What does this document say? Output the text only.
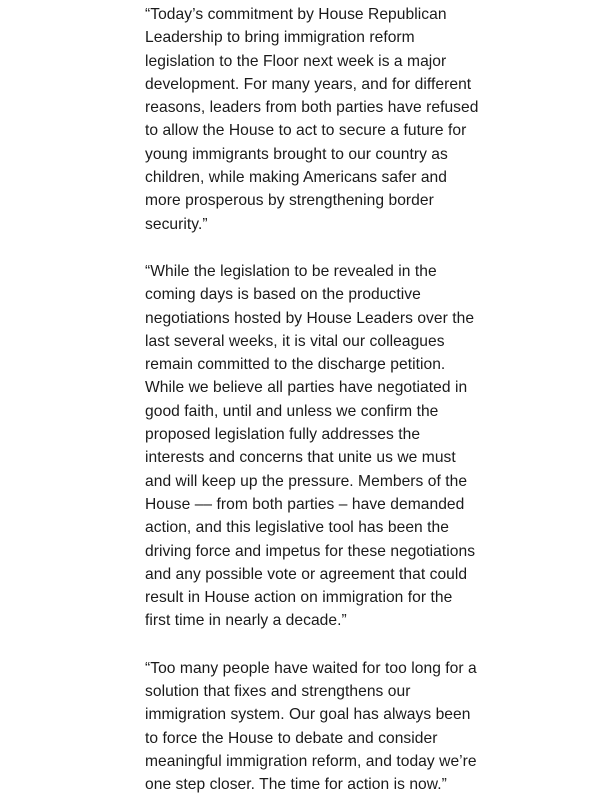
“Today’s commitment by House Republican
Leadership to bring immigration reform
legislation to the Floor next week is a major
development. For many years, and for different
reasons, leaders from both parties have refused
to allow the House to act to secure a future for
young immigrants brought to our country as
children, while making Americans safer and
more prosperous by strengthening border
security.”
“While the legislation to be revealed in the
coming days is based on the productive
negotiations hosted by House Leaders over the
last several weeks, it is vital our colleagues
remain committed to the discharge petition.
While we believe all parties have negotiated in
good faith, until and unless we confirm the
proposed legislation fully addresses the
interests and concerns that unite us we must
and will keep up the pressure. Members of the
House –– from both parties – have demanded
action, and this legislative tool has been the
driving force and impetus for these negotiations
and any possible vote or agreement that could
result in House action on immigration for the
first time in nearly a decade.”
“Too many people have waited for too long for a
solution that fixes and strengthens our
immigration system. Our goal has always been
to force the House to debate and consider
meaningful immigration reform, and today we’re
one step closer. The time for action is now.”
